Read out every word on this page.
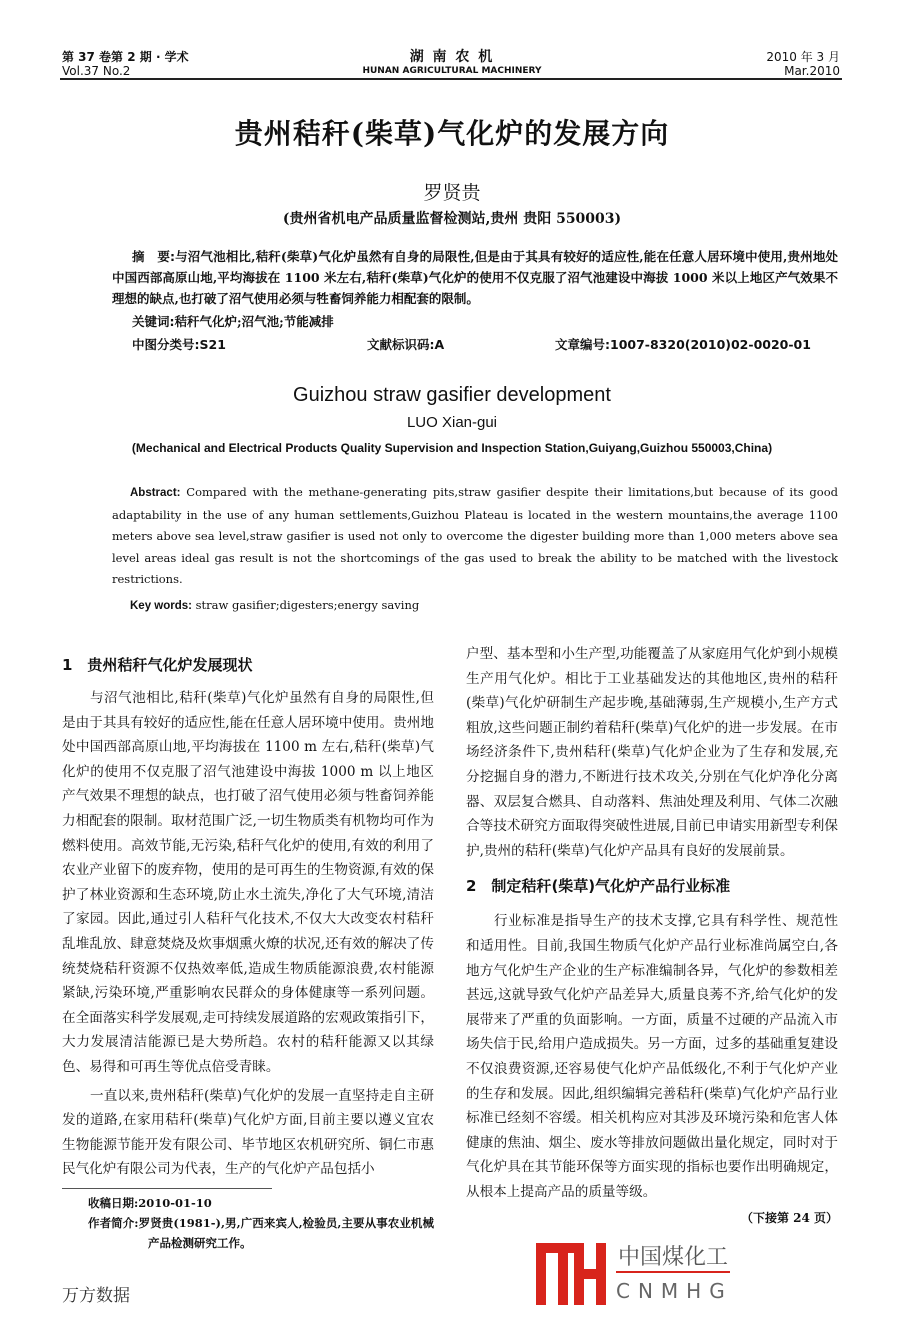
第 37 卷第 2 期 · 学术
Vol.37 No.2
湖 南 农 机
HUNAN AGRICULTURAL MACHINERY
2010 年 3 月
Mar.2010
贵州秸秆(柴草)气化炉的发展方向
罗贤贵
(贵州省机电产品质量监督检测站,贵州 贵阳 550003)
摘　要:与沼气池相比,秸秆(柴草)气化炉虽然有自身的局限性,但是由于其具有较好的适应性,能在任意人居环境中使用,贵州地处中国西部高原山地,平均海拔在 1100 米左右,秸秆(柴草)气化炉的使用不仅克服了沼气池建设中海拔 1000 米以上地区产气效果不理想的缺点,也打破了沼气使用必须与牲畜饲养能力相配套的限制。
关键词:秸秆气化炉;沼气池;节能减排
中图分类号:S21	文献标识码:A	文章编号:1007-8320(2010)02-0020-01
Guizhou straw gasifier development
LUO Xian-gui
(Mechanical and Electrical Products Quality Supervision and Inspection Station,Guiyang,Guizhou 550003,China)
Abstract: Compared with the methane-generating pits,straw gasifier despite their limitations,but because of its good adaptability in the use of any human settlements,Guizhou Plateau is located in the western mountains,the average 1100 meters above sea level,straw gasifier is used not only to overcome the digester building more than 1,000 meters above sea level areas ideal gas result is not the shortcomings of the gas used to break the ability to be matched with the livestock restrictions.
Key words: straw gasifier;digesters;energy saving
1　贵州秸秆气化炉发展现状

与沼气池相比,秸秆(柴草)气化炉虽然有自身的局限性,但是由于其具有较好的适应性,能在任意人居环境中使用。贵州地处中国西部高原山地,平均海拔在 1100 m 左右,秸秆(柴草)气化炉的使用不仅克服了沼气池建设中海拔 1000 m 以上地区产气效果不理想的缺点，也打破了沼气使用必须与牲畜饲养能力相配套的限制。取材范围广泛,一切生物质类有机物均可作为燃料使用。高效节能,无污染,秸秆气化炉的使用,有效的利用了农业产业留下的废弃物，使用的是可再生的生物资源,有效的保护了林业资源和生态环境,防止水土流失,净化了大气环境,清洁了家园。因此,通过引人秸秆气化技术,不仅大大改变农村秸秆乱堆乱放、肆意焚烧及炊事烟熏火燎的状况,还有效的解决了传统焚烧秸秆资源不仅热效率低,造成生物质能源浪费,农村能源紧缺,污染环境,严重影响农民群众的身体健康等一系列问题。在全面落实科学发展观,走可持续发展道路的宏观政策指引下，大力发展清洁能源已是大势所趋。农村的秸秆能源又以其绿色、易得和可再生等优点倍受青睐。

一直以来,贵州秸秆(柴草)气化炉的发展一直坚持走自主研发的道路,在家用秸秆(柴草)气化炉方面,目前主要以遵义宜农生物能源节能开发有限公司、毕节地区农机研究所、铜仁市惠民气化炉有限公司为代表，生产的气化炉产品包括小

收稿日期:2010-01-10
作者简介:罗贤贵(1981-),男,广西来宾人,检验员,主要从事农业机械产品检测研究工作。

户型、基本型和小生产型,功能覆盖了从家庭用气化炉到小规模生产用气化炉。相比于工业基础发达的其他地区,贵州的秸秆(柴草)气化炉研制生产起步晚,基础薄弱,生产规模小,生产方式粗放,这些问题正制约着秸秆(柴草)气化炉的进一步发展。在市场经济条件下,贵州秸秆(柴草)气化炉企业为了生存和发展,充分挖掘自身的潜力,不断进行技术攻关,分别在气化炉净化分离器、双层复合燃具、自动落料、焦油处理及利用、气体二次融合等技术研究方面取得突破性进展,目前已申请实用新型专利保护,贵州的秸秆(柴草)气化炉产品具有良好的发展前景。

2　制定秸秆(柴草)气化炉产品行业标准

行业标准是指导生产的技术支撑,它具有科学性、规范性和适用性。目前,我国生物质气化炉产品行业标准尚属空白,各地方气化炉生产企业的生产标准编制各异，气化炉的参数相差甚远,这就导致气化炉产品差异大,质量良莠不齐,给气化炉的发展带来了严重的负面影响。一方面，质量不过硬的产品流入市场失信于民,给用户造成损失。另一方面，过多的基础重复建设不仅浪费资源,还容易使气化炉产品低级化,不利于气化炉产业的生存和发展。因此,组织编辑完善秸秆(柴草)气化炉产品行业标准已经刻不容缓。相关机构应对其涉及环境污染和危害人体健康的焦油、烟尘、废水等排放问题做出量化规定，同时对于气化炉具在其节能环保等方面实现的指标也要作出明确规定，从根本上提高产品的质量等级。

（下接第 24 页）
中国煤化工
CNMHG
万方数据
